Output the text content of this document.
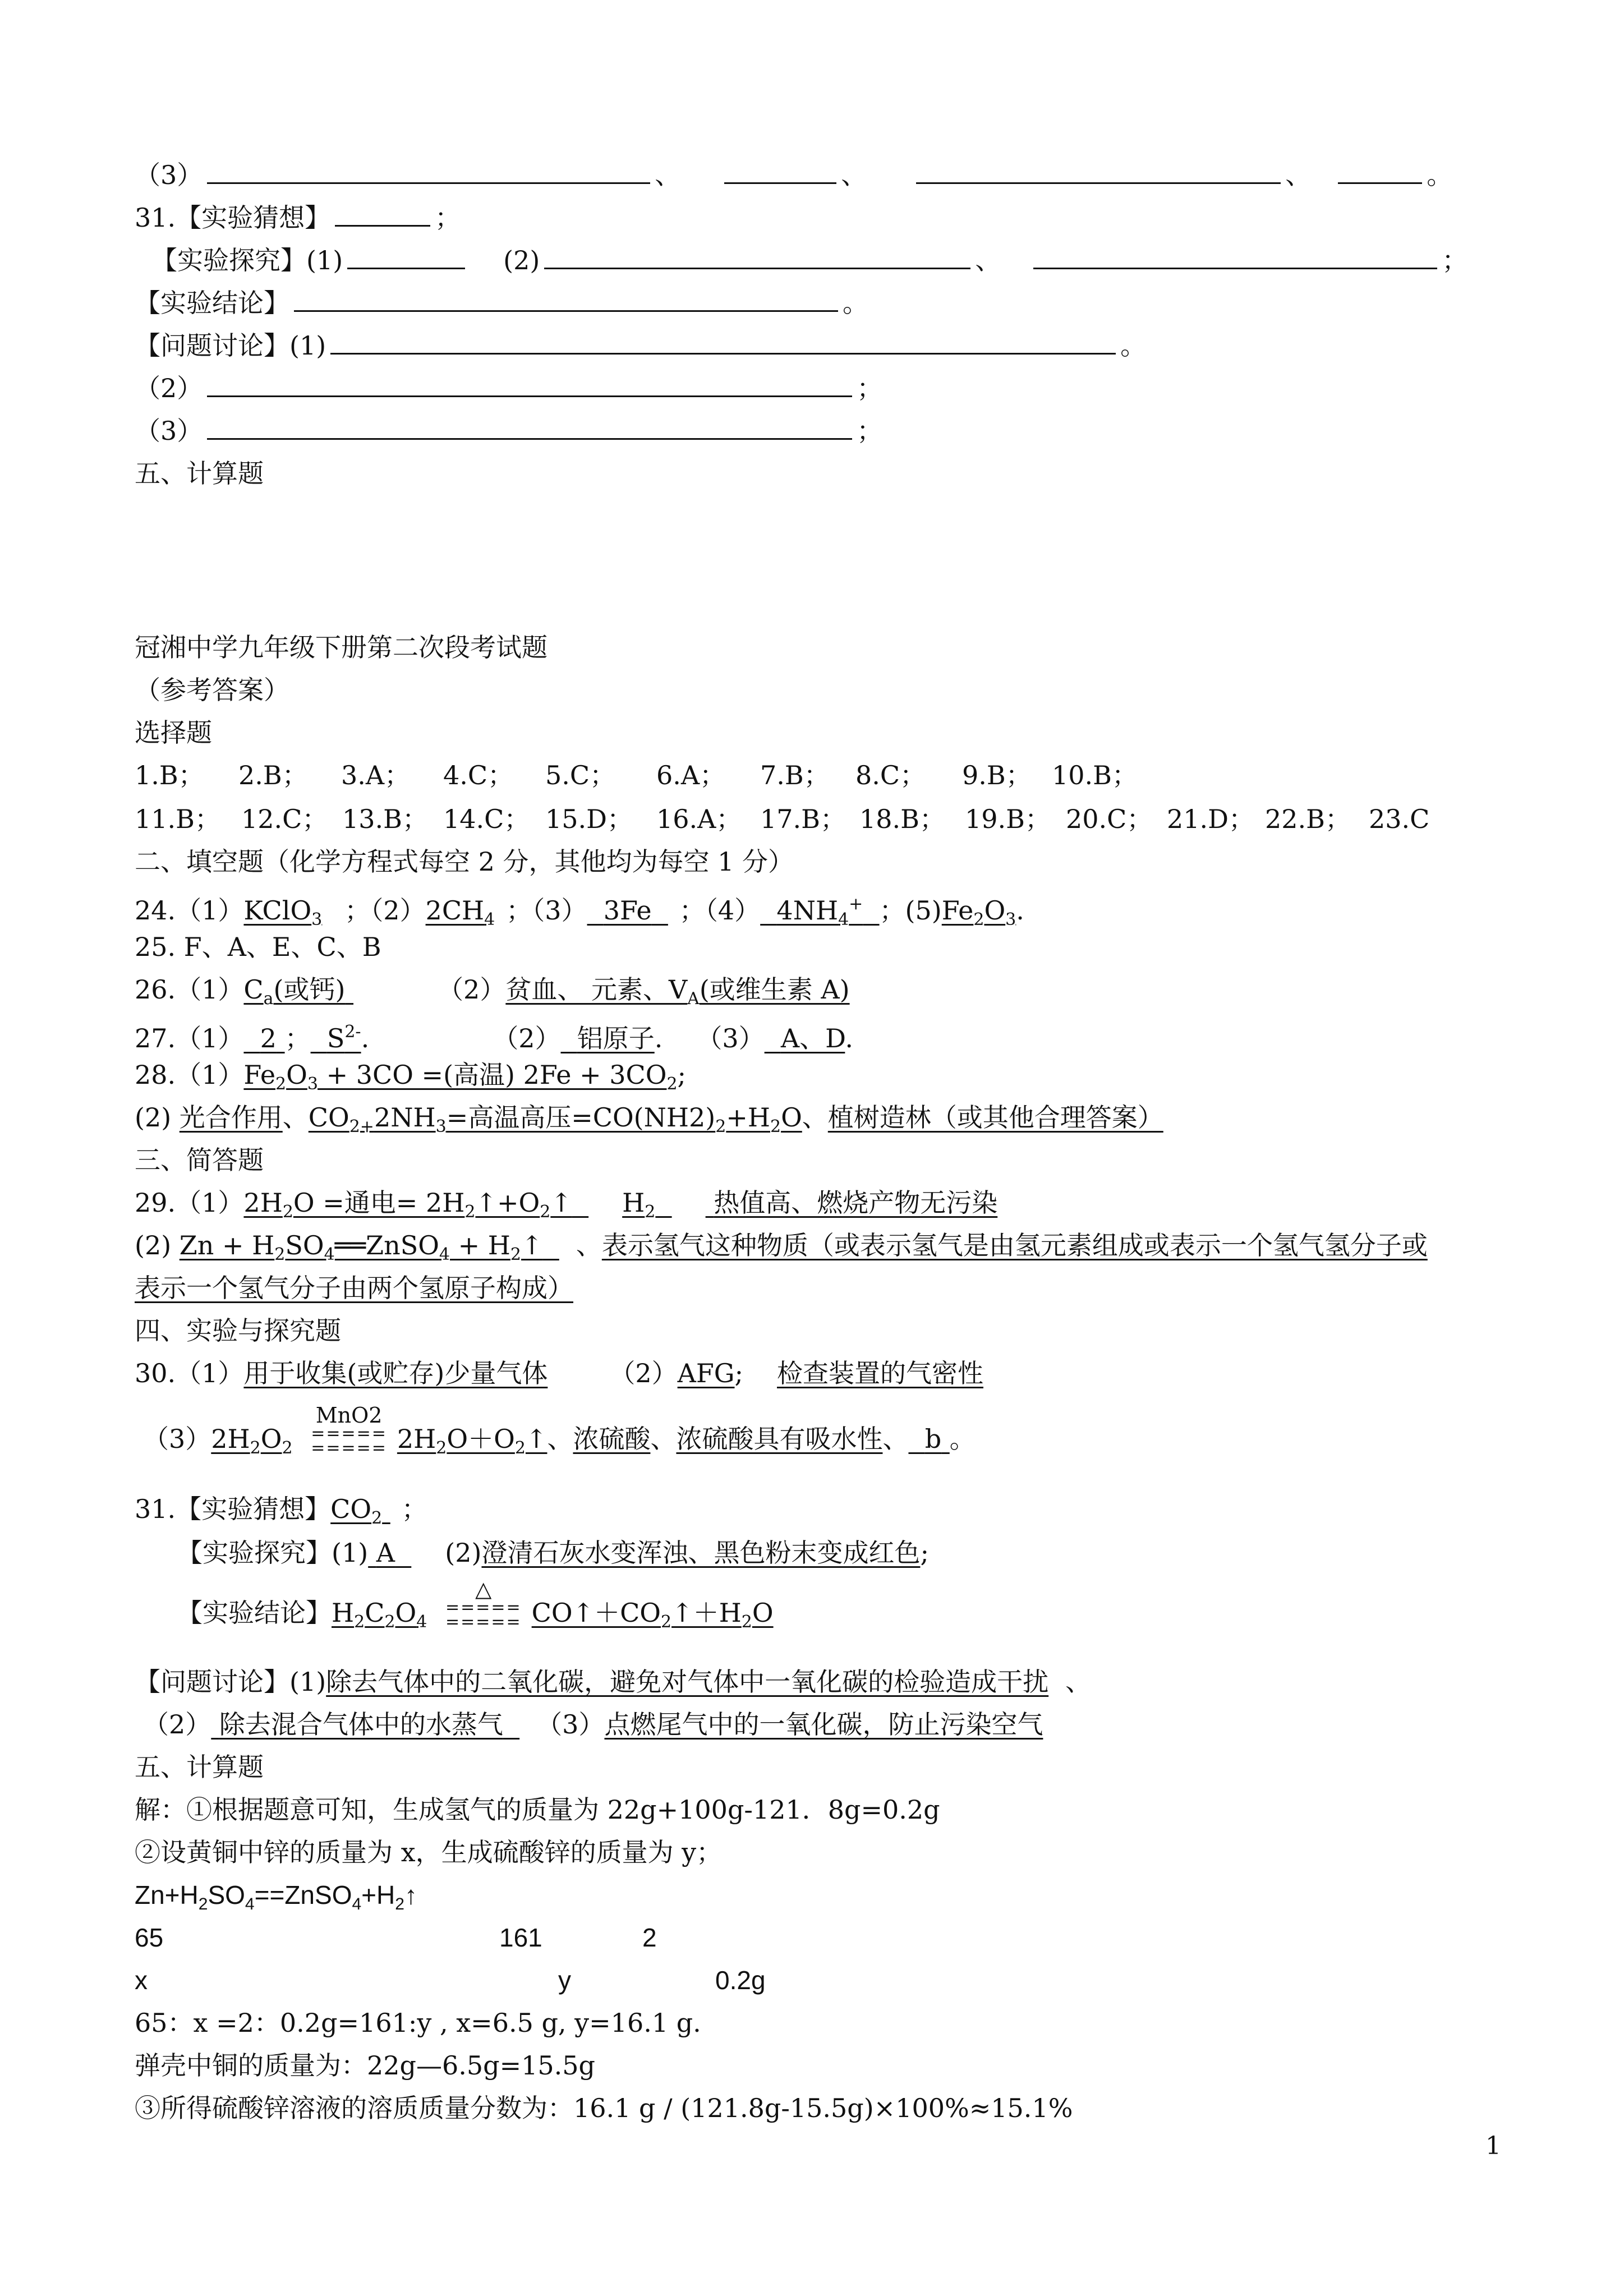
（3）	、	、	、	。
31.【实验猜想】	；
【实验探究】(1)	(2)	、	；
【实验结论】	。
【问题讨论】(1)	。
（2）	；
（3）	；
五、计算题
冠湘中学九年级下册第二次段考试题
（参考答案）
选择题
1.B； 2.B； 3.A； 4.C； 5.C； 6.A； 7.B； 8.C； 9.B； 10.B；
11.B； 12.C； 13.B； 14.C； 15.D； 16.A； 17.B； 18.B； 19.B； 20.C； 21.D； 22.B； 23.C
二、填空题（化学方程式每空 2 分，其他均为每空 1 分）
24.（1）KClO$_3$ ；$(2)2CH_4$ ；（3） 3Fe ；（4） $4NH_4^+$ ；$(5)Fe_2O_3$.
25. F、A、E、C、B
$26.(1)C_a$(或钙)	（2）贫血、 元素、$V_A$(或维生素 A)
27.（1） 2 ； $S^{2-}$.	（2） 铝原子. （3） A、D.
$28.(1)Fe_2O_3 + 3CO$ =(高温) $2Fe + 3CO_2$;
(2) 光合作用、$CO_{2+}2NH_3=$高温高压$=CO(NH2)_2+H_2O$、植树造林（或其他合理答案）
三、简答题
$29.(1)2H_2O$ =通电= $2H_2↑+O_2↑$ $H_2$ 热值高、燃烧产物无污染
(2) $Zn + H_2SO_4══ZnSO_4$ + $H_2↑$ 、表示氢气这种物质（或表示氢气是由氢元素组成或表示一个氢气氢分子或
表示一个氢气分子由两个氢原子构成）
四、实验与探究题
30.（1）用于收集(或贮存)少量气体 （2）AFG; 检查装置的气密性
$(3)2H_2O_2$
MnO2
=====
===== $2H_2O+O_2↑$、浓硫酸、浓硫酸具有吸水性、 b 。
31.【实验猜想】$CO_2$ ；
【实验探究】(1) A (2)澄清石灰水变浑浊、黑色粉末变成红色;
【实验结论】$H_2C_2O_4$
△
=====
===== $CO↑+CO_2↑+H_2O$
【问题讨论】(1)除去气体中的二氧化碳，避免对气体中一氧化碳的检验造成干扰 、
（2） 除去混合气体中的水蒸气 （3）点燃尾气中的一氧化碳，防止污染空气
五、计算题
解：①根据题意可知，生成氢气的质量为 22g+100g-121．8g=0.2g
②设黄铜中锌的质量为 x，生成硫酸锌的质量为 y；
$Zn+H_2SO_4==ZnSO_4+H_2↑$
65	161	2
x	y	0.2g
65：x =2：0.2g=161:y , x=6.5 g, y=16.1 g.
弹壳中铜的质量为：22g—6.5g=15.5g
③所得硫酸锌溶液的溶质质量分数为：16.1 g / (121.8g-15.5g)×100%≈15.1%
1
